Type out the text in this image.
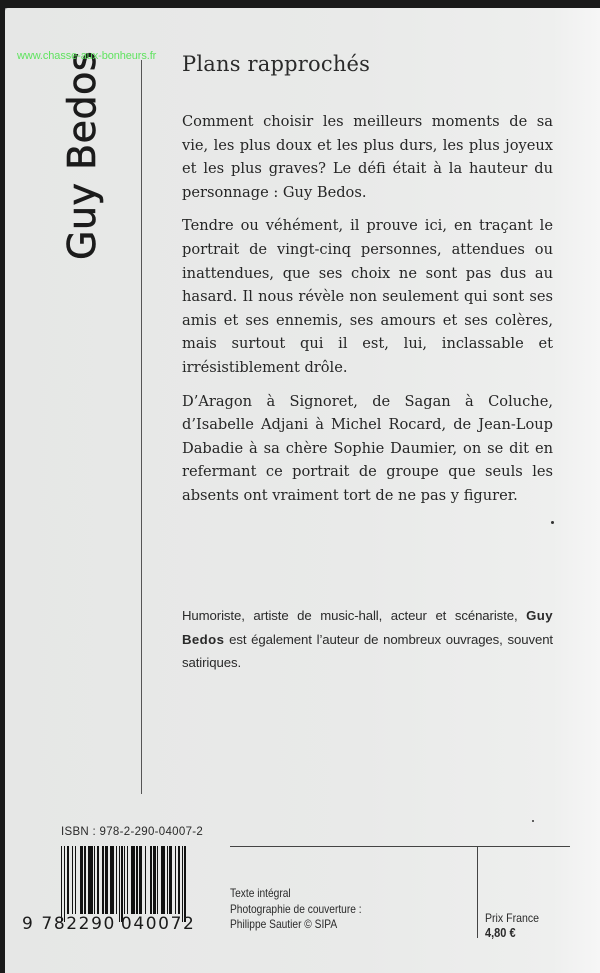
www.chasse-aux-bonheurs.fr
Guy Bedos	Plans rapprochés

Comment choisir les meilleurs moments de sa vie, les plus doux et les plus durs, les plus joyeux et les plus graves? Le défi était à la hauteur du personnage : Guy Bedos.

Tendre ou véhément, il prouve ici, en traçant le portrait de vingt-cinq personnes, attendues ou inattendues, que ses choix ne sont pas dus au hasard. Il nous révèle non seulement qui sont ses amis et ses ennemis, ses amours et ses colères, mais surtout qui il est, lui, inclassable et irrésistiblement drôle.

D’Aragon à Signoret, de Sagan à Coluche, d’Isabelle Adjani à Michel Rocard, de Jean-Loup Dabadie à sa chère Sophie Daumier, on se dit en refermant ce portrait de groupe que seuls les absents ont vraiment tort de ne pas y figurer.

Humoriste, artiste de music-hall, acteur et scénariste, Guy Bedos est également l’auteur de nombreux ouvrages, souvent satiriques.
ISBN : 978-2-290-04007-2
9 782290 040072
Texte intégral
Photographie de couverture :
Philippe Sautier © SIPA	Prix France
4,80 €
